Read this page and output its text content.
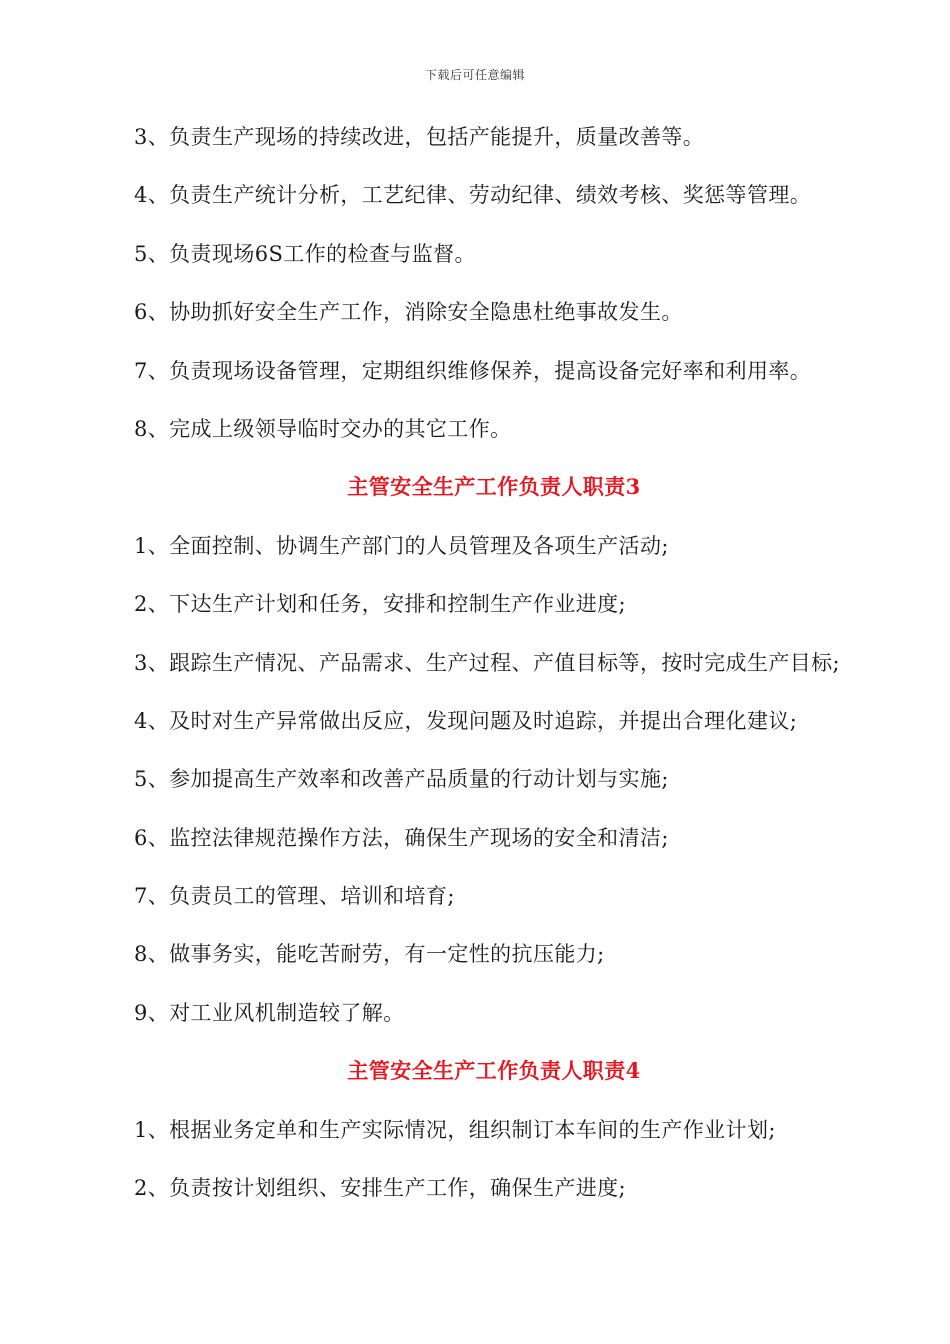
下载后可任意编辑

3、负责生产现场的持续改进，包括产能提升，质量改善等。

4、负责生产统计分析，工艺纪律、劳动纪律、绩效考核、奖惩等管理。

5、负责现场6S工作的检查与监督。

6、协助抓好安全生产工作，消除安全隐患杜绝事故发生。

7、负责现场设备管理，定期组织维修保养，提高设备完好率和利用率。

8、完成上级领导临时交办的其它工作。

主管安全生产工作负责人职责3

1、全面控制、协调生产部门的人员管理及各项生产活动;

2、下达生产计划和任务，安排和控制生产作业进度;

3、跟踪生产情况、产品需求、生产过程、产值目标等，按时完成生产目标;

4、及时对生产异常做出反应，发现问题及时追踪，并提出合理化建议;

5、参加提高生产效率和改善产品质量的行动计划与实施;

6、监控法律规范操作方法，确保生产现场的安全和清洁;

7、负责员工的管理、培训和培育;

8、做事务实，能吃苦耐劳，有一定性的抗压能力;

9、对工业风机制造较了解。

主管安全生产工作负责人职责4

1、根据业务定单和生产实际情况，组织制订本车间的生产作业计划;

2、负责按计划组织、安排生产工作，确保生产进度;
